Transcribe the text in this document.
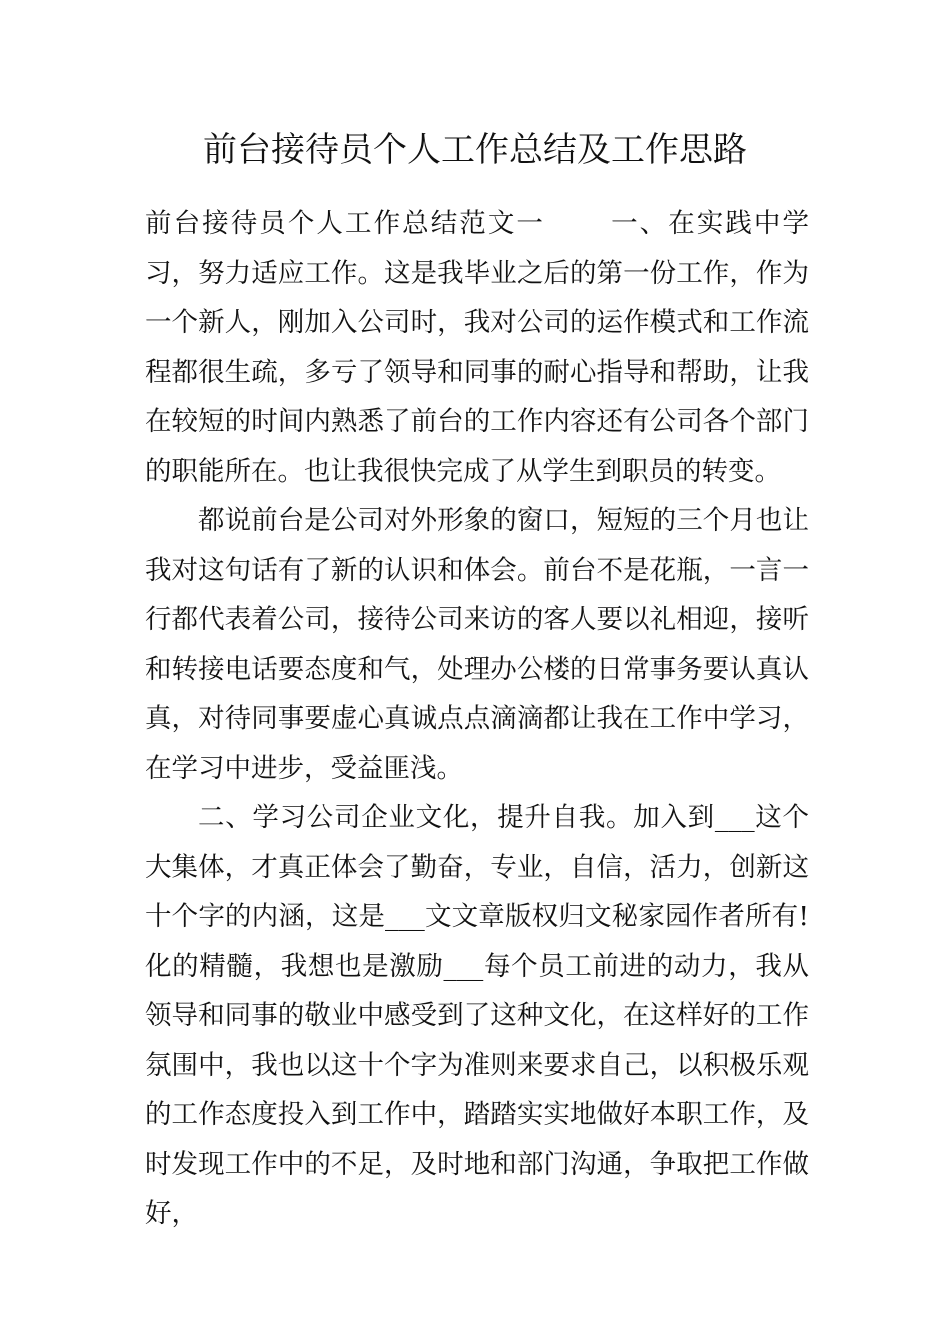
前台接待员个人工作总结及工作思路

前台接待员个人工作总结范文一 一、在实践中学习，努力适应工作。这是我毕业之后的第一份工作，作为一个新人，刚加入公司时，我对公司的运作模式和工作流程都很生疏，多亏了领导和同事的耐心指导和帮助，让我在较短的时间内熟悉了前台的工作内容还有公司各个部门的职能所在。也让我很快完成了从学生到职员的转变。

都说前台是公司对外形象的窗口，短短的三个月也让我对这句话有了新的认识和体会。前台不是花瓶，一言一行都代表着公司，接待公司来访的客人要以礼相迎，接听和转接电话要态度和气，处理办公楼的日常事务要认真认真，对待同事要虚心真诚点点滴滴都让我在工作中学习，在学习中进步，受益匪浅。

二、学习公司企业文化，提升自我。加入到___这个大集体，才真正体会了勤奋，专业，自信，活力，创新这十个字的内涵，这是___文文章版权归文秘家园作者所有!化的精髓，我想也是激励___每个员工前进的动力，我从领导和同事的敬业中感受到了这种文化，在这样好的工作氛围中，我也以这十个字为准则来要求自己，以积极乐观的工作态度投入到工作中，踏踏实实地做好本职工作，及时发现工作中的不足，及时地和部门沟通，争取把工作做好，
